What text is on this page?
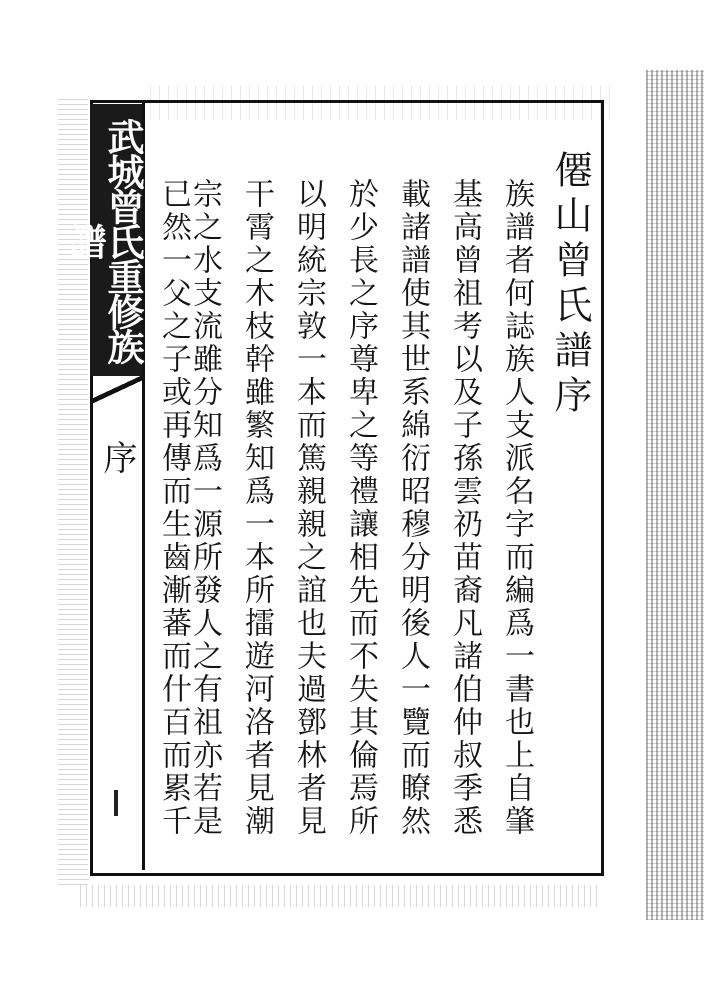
武城曾氏重修族譜
序
僊山曾氏譜序
族譜者何誌族人支派名字而編爲一書也上自肇
基高曾祖考以及子孫雲礽苗裔凡諸伯仲叔季悉
載諸譜使其世系綿衍昭穆分明後人一覽而瞭然
於少長之序尊卑之等禮讓相先而不失其倫焉所
以明統宗敦一本而篤親親之誼也夫過鄧林者見
干霄之木枝幹雖繁知爲一本所擂遊河洛者見潮
宗之水支流雖分知爲一源所發人之有祖亦若是
已然一父之子或再傳而生齒漸蕃而什百而累千
